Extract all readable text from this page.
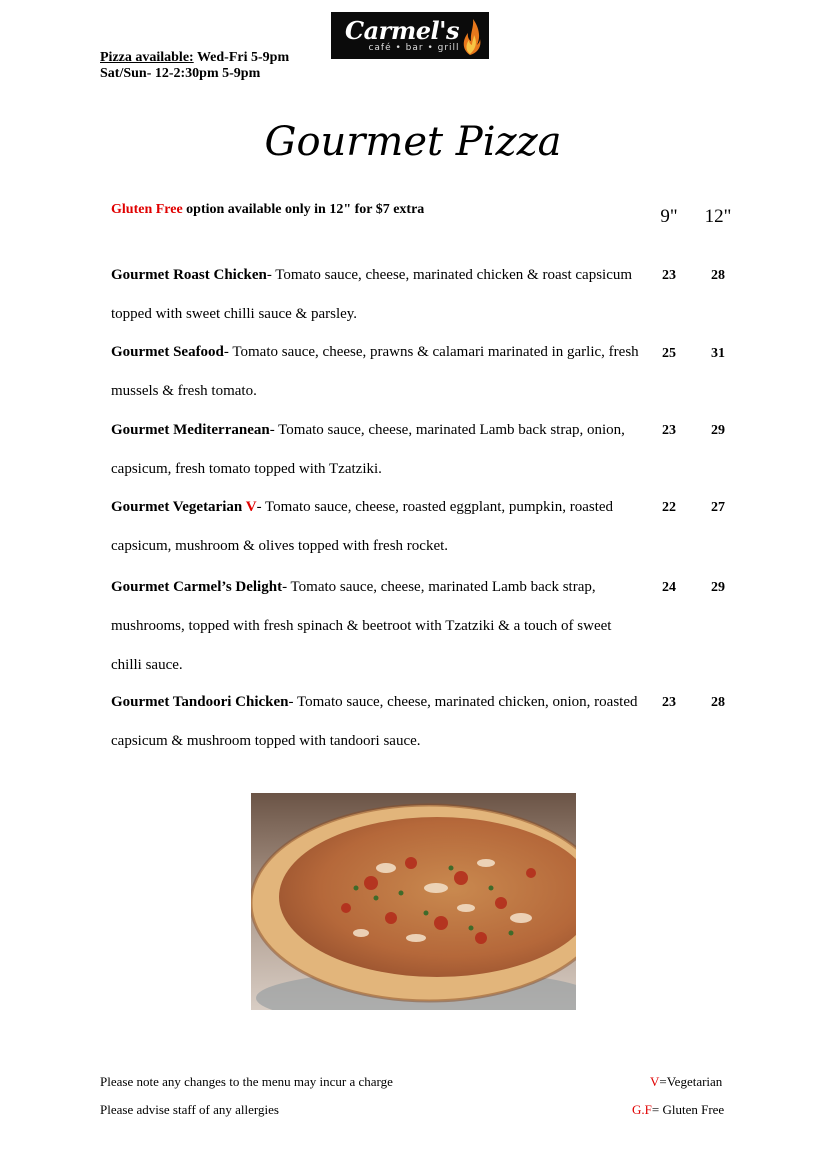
Carmel's
café • bar • grill
Pizza available: Wed-Fri 5-9pm
Sat/Sun- 12-2:30pm 5-9pm
Gourmet Pizza
Gluten Free option available only in 12" for $7 extra	9"	12"
Gourmet Roast Chicken- Tomato sauce, cheese, marinated chicken & roast capsicum topped with sweet chilli sauce & parsley.
23	28
Gourmet Seafood- Tomato sauce, cheese, prawns & calamari marinated in garlic, fresh mussels & fresh tomato.
25	31
Gourmet Mediterranean- Tomato sauce, cheese, marinated Lamb back strap, onion, capsicum, fresh tomato topped with Tzatziki.
23	29
Gourmet Vegetarian V- Tomato sauce, cheese, roasted eggplant, pumpkin, roasted capsicum, mushroom & olives topped with fresh rocket.
22	27
Gourmet Carmel’s Delight- Tomato sauce, cheese, marinated Lamb back strap, mushrooms, topped with fresh spinach & beetroot with Tzatziki & a touch of sweet chilli sauce.
24	29
Gourmet Tandoori Chicken- Tomato sauce, cheese, marinated chicken, onion, roasted capsicum & mushroom topped with tandoori sauce.
23	28
Please note any changes to the menu may incur a charge
Please advise staff of any allergies
V=Vegetarian
G.F= Gluten Free
